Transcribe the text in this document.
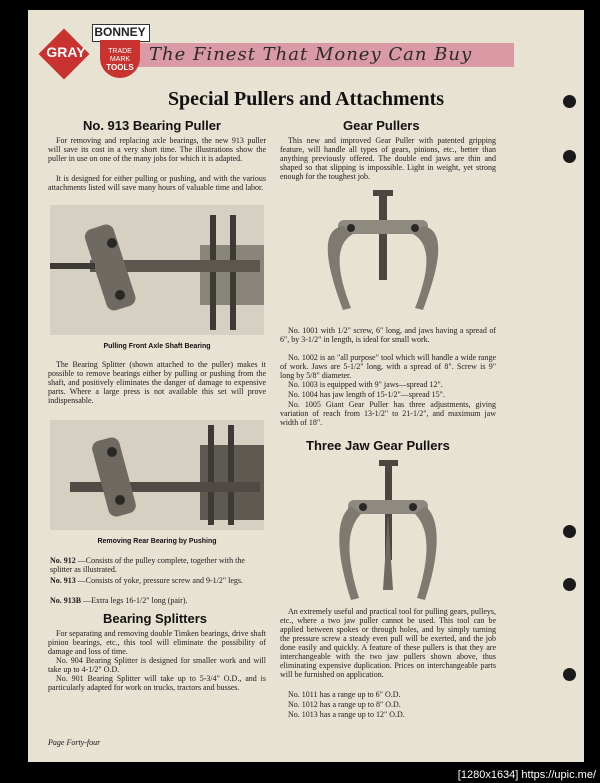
The Finest That Money Can Buy
GRAY
BONNEY
TRADE
MARK
TOOLS
Special Pullers and Attachments
No. 913 Bearing Puller
For removing and replacing axle bearings, the new 913 puller will save its cost in a very short time. The illustrations show the puller in use on one of the many jobs for which it is adapted.
It is designed for either pulling or pushing, and with the various attachments listed will save many hours of valuable time and labor.
Pulling Front Axle Shaft Bearing
The Bearing Splitter (shown attached to the puller) makes it possible to remove bearings either by pulling or pushing from the shaft, and positively eliminates the danger of damage to expensive parts. Where a large press is not available this set will prove indispensable.
Removing Rear Bearing by Pushing
No. 912 —Consists of the pulley complete, together with the splitter as illustrated.
No. 913 —Consists of yoke, pressure screw and 9-1/2" legs.
No. 913B —Extra legs 16-1/2" long (pair).
Bearing Splitters
For separating and removing double Timken bearings, drive shaft pinion bearings, etc., this tool will eliminate the possibility of damage and loss of time.
No. 904 Bearing Splitter is designed for smaller work and will take up to 4-1/2" O.D.
No. 901 Bearing Splitter will take up to 5-3/4" O.D., and is particularly adapted for work on trucks, tractors and busses.
Gear Pullers
This new and improved Gear Puller with patented gripping feature, will handle all types of gears, pinions, etc., better than anything previously offered. The double end jaws are thin and shaped so that slipping is impossible. Light in weight, yet strong enough for the toughest job.
No. 1001 with 1/2" screw, 6" long, and jaws having a spread of 6", by 3-1/2" in length, is ideal for small work.
No. 1002 is an "all purpose" tool which will handle a wide range of work. Jaws are 5-1/2" long, with a spread of 8". Screw is 9" long by 5/8" diameter.
No. 1003 is equipped with 9" jaws—spread 12".
No. 1004 has jaw length of 15-1/2"—spread 15".
No. 1005 Giant Gear Puller has three adjustments, giving variation of reach from 13-1/2" to 21-1/2", and maximum jaw width of 18".
Three Jaw Gear Pullers
An extremely useful and practical tool for pulling gears, pulleys, etc., where a two jaw puller cannot be used. This tool can be applied between spokes or through holes, and by simply turning the pressure screw a steady even pull will be exerted, and the job done easily and quickly. A feature of these pullers is that they are interchangeable with the two jaw pullers shown above, thus eliminating expensive duplication. Prices on interchangeable parts will be furnished on application.
No. 1011 has a range up to 6" O.D.
No. 1012 has a range up to 8" O.D.
No. 1013 has a range up to 12" O.D.
Page Forty-four
[1280x1634] https://upic.me/
